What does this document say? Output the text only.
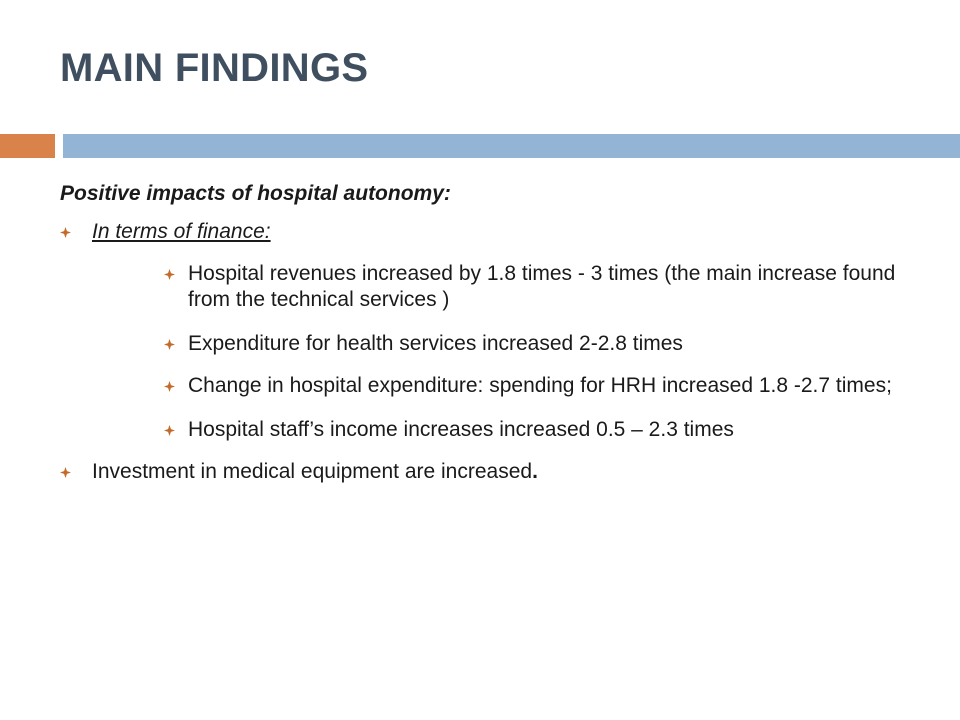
MAIN FINDINGS
Positive impacts of hospital autonomy:
In terms of finance:
Hospital revenues increased by 1.8 times - 3 times (the main increase found from the technical services )
Expenditure for health services increased 2-2.8 times
Change in hospital expenditure: spending for HRH increased 1.8 -2.7 times;
Hospital staff’s income increases increased 0.5 – 2.3 times
Investment in medical equipment are increased.
